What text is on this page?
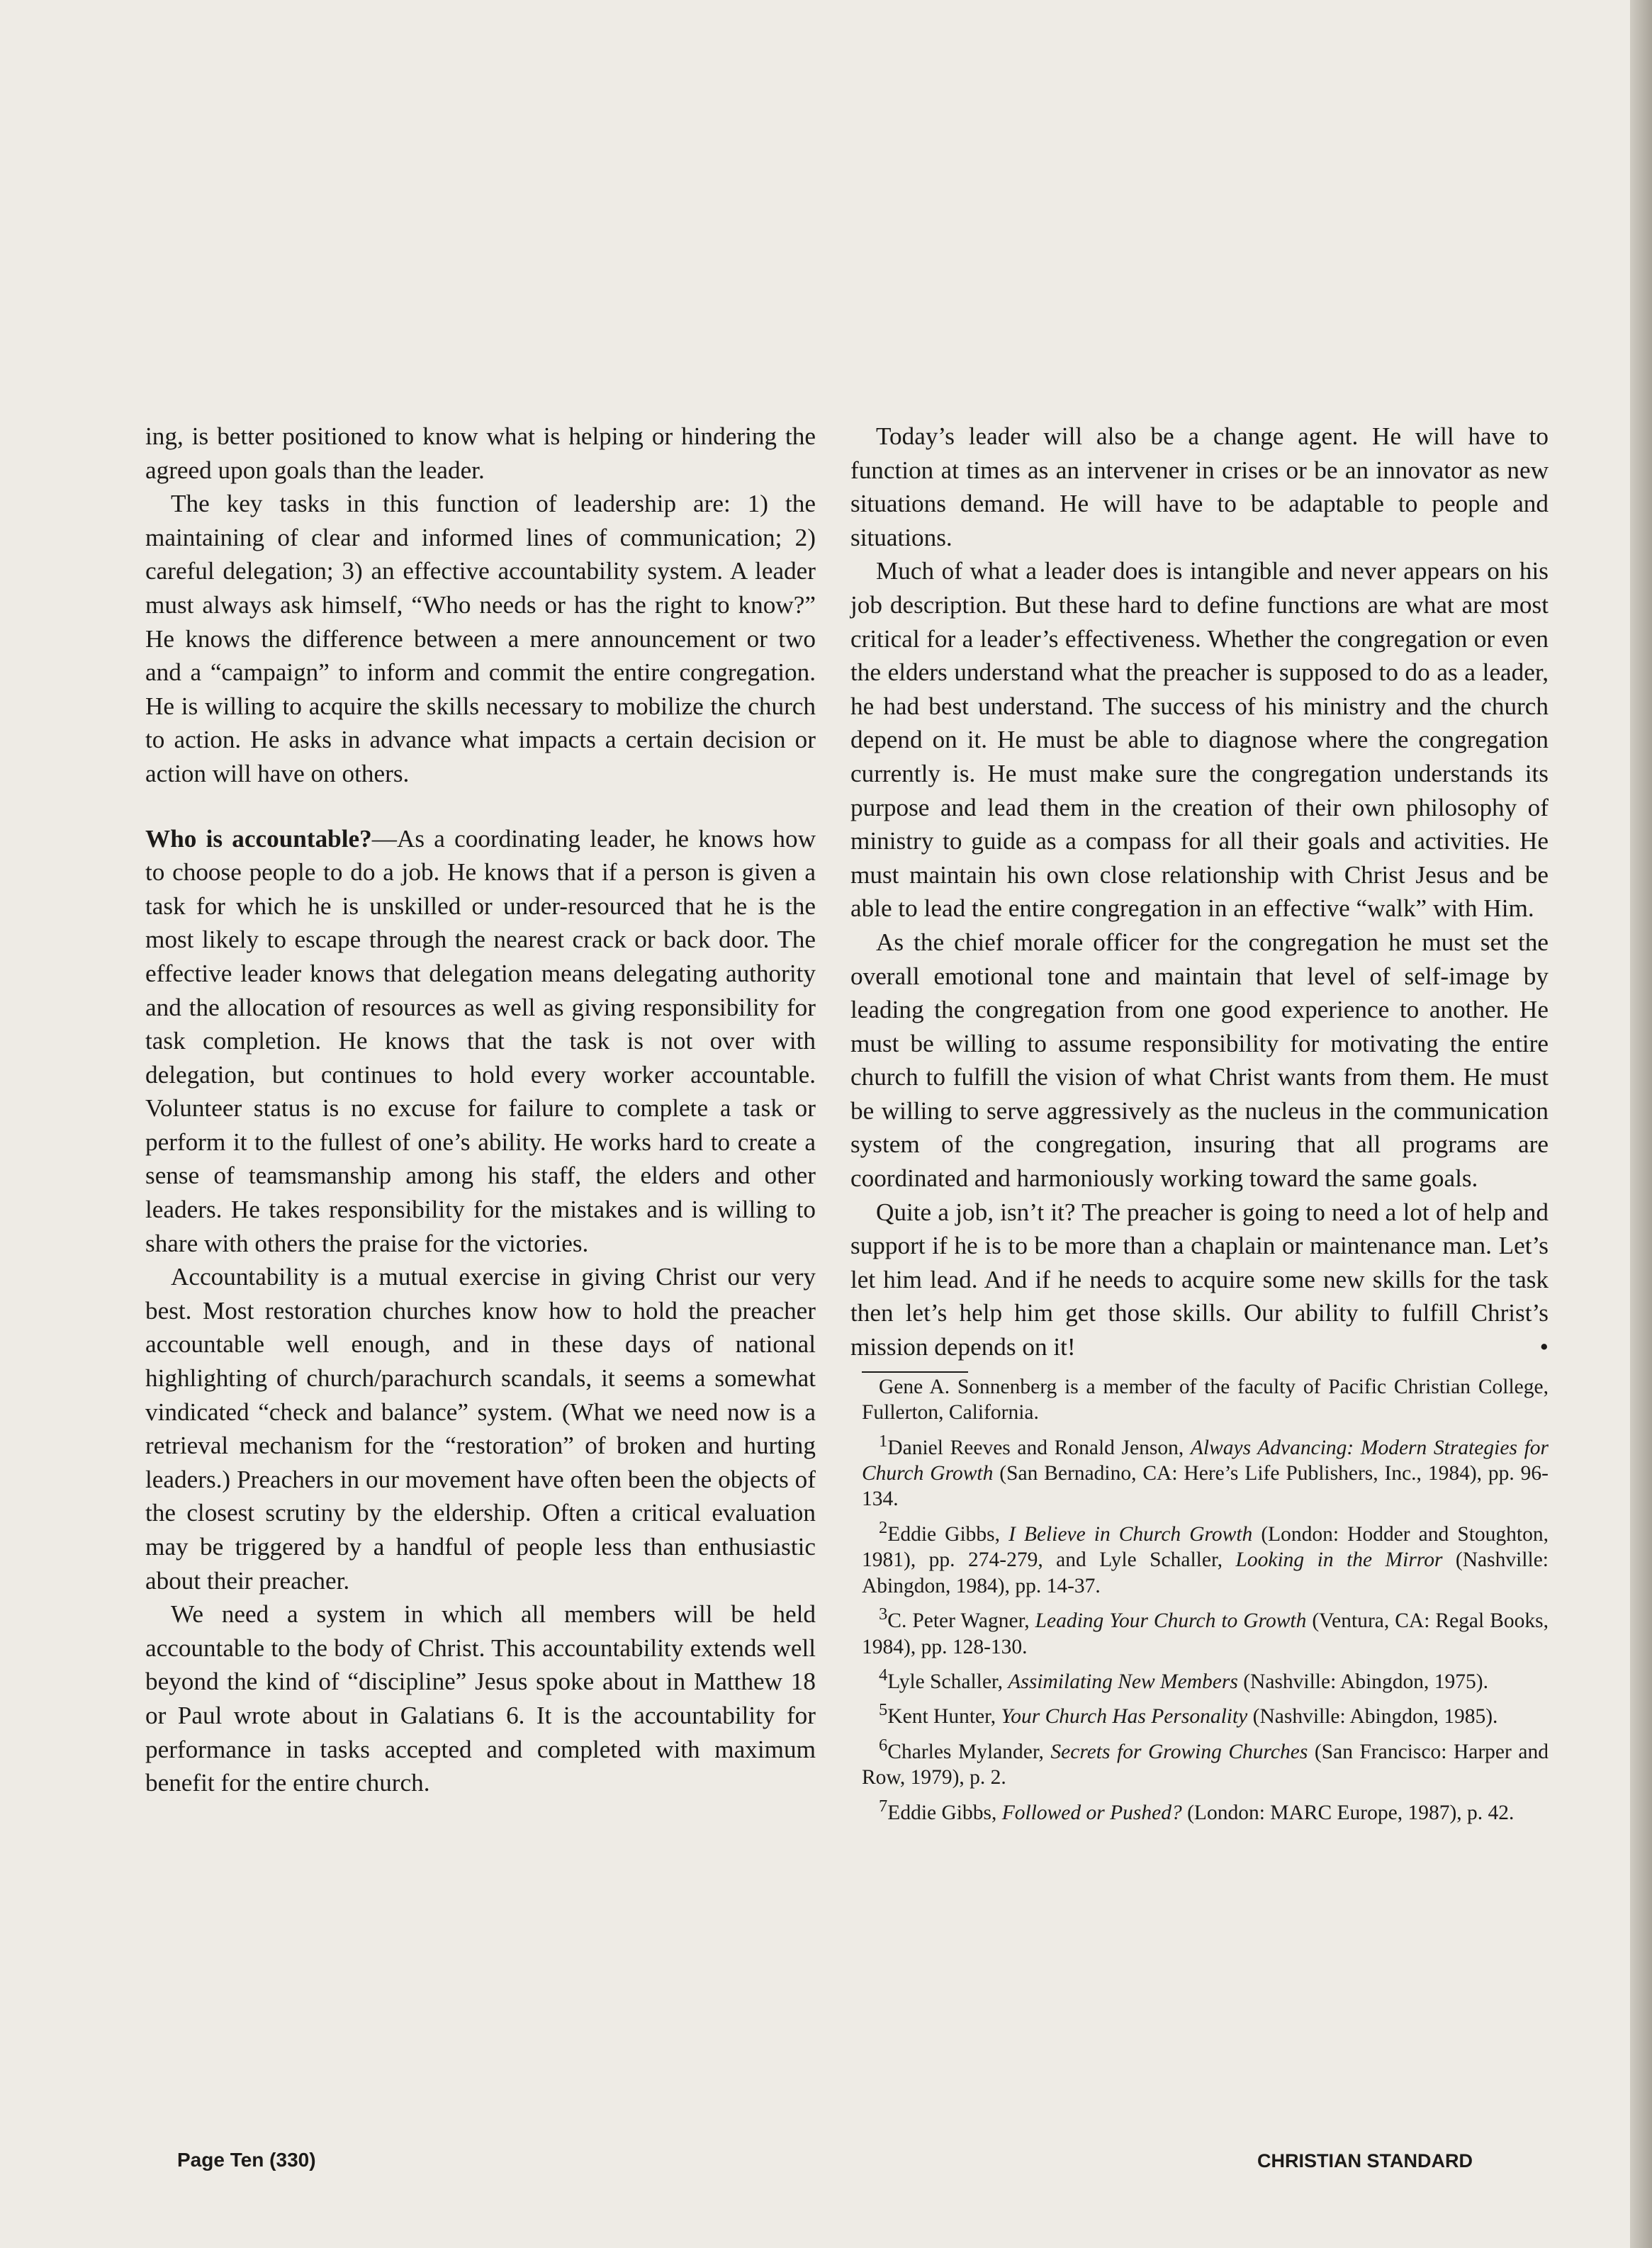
ing, is better positioned to know what is helping or hindering the agreed upon goals than the leader.

The key tasks in this function of leadership are: 1) the maintaining of clear and informed lines of communication; 2) careful delegation; 3) an effective accountability system. A leader must always ask himself, “Who needs or has the right to know?” He knows the difference between a mere announcement or two and a “campaign” to inform and commit the entire congregation. He is willing to acquire the skills necessary to mobilize the church to action. He asks in advance what impacts a certain decision or action will have on others.

Who is accountable?—As a coordinating leader, he knows how to choose people to do a job. He knows that if a person is given a task for which he is unskilled or under-resourced that he is the most likely to escape through the nearest crack or back door. The effective leader knows that delegation means delegating authority and the allocation of resources as well as giving responsibility for task completion. He knows that the task is not over with delegation, but continues to hold every worker accountable. Volunteer status is no excuse for failure to complete a task or perform it to the fullest of one’s ability. He works hard to create a sense of teamsmanship among his staff, the elders and other leaders. He takes responsibility for the mistakes and is willing to share with others the praise for the victories.

Accountability is a mutual exercise in giving Christ our very best. Most restoration churches know how to hold the preacher accountable well enough, and in these days of national highlighting of church/parachurch scandals, it seems a somewhat vindicated “check and balance” system. (What we need now is a retrieval mechanism for the “restoration” of broken and hurting leaders.) Preachers in our movement have often been the objects of the closest scrutiny by the eldership. Often a critical evaluation may be triggered by a handful of people less than enthusiastic about their preacher.

We need a system in which all members will be held accountable to the body of Christ. This accountability extends well beyond the kind of “discipline” Jesus spoke about in Matthew 18 or Paul wrote about in Galatians 6. It is the accountability for performance in tasks accepted and completed with maximum benefit for the entire church.

Today’s leader will also be a change agent. He will have to function at times as an intervener in crises or be an innovator as new situations demand. He will have to be adaptable to people and situations.

Much of what a leader does is intangible and never appears on his job description. But these hard to define functions are what are most critical for a leader’s effectiveness. Whether the congregation or even the elders understand what the preacher is supposed to do as a leader, he had best understand. The success of his ministry and the church depend on it. He must be able to diagnose where the congregation currently is. He must make sure the congregation understands its purpose and lead them in the creation of their own philosophy of ministry to guide as a compass for all their goals and activities. He must maintain his own close relationship with Christ Jesus and be able to lead the entire congregation in an effective “walk” with Him.

As the chief morale officer for the congregation he must set the overall emotional tone and maintain that level of self-image by leading the congregation from one good experience to another. He must be willing to assume responsibility for motivating the entire church to fulfill the vision of what Christ wants from them. He must be willing to serve aggressively as the nucleus in the communication system of the congregation, insuring that all programs are coordinated and harmoniously working toward the same goals.

Quite a job, isn’t it? The preacher is going to need a lot of help and support if he is to be more than a chaplain or maintenance man. Let’s let him lead. And if he needs to acquire some new skills for the task then let’s help him get those skills. Our ability to fulfill Christ’s mission depends on it!	•

Gene A. Sonnenberg is a member of the faculty of Pacific Christian College, Fullerton, California.

$^1$Daniel Reeves and Ronald Jenson, Always Advancing: Modern Strategies for Church Growth (San Bernadino, CA: Here’s Life Publishers, Inc., 1984), pp. 96-134.

$^2$Eddie Gibbs, I Believe in Church Growth (London: Hodder and Stoughton, 1981), pp. 274-279, and Lyle Schaller, Looking in the Mirror (Nashville: Abingdon, 1984), pp. 14-37.

$^3$C. Peter Wagner, Leading Your Church to Growth (Ventura, CA: Regal Books, 1984), pp. 128-130.

$^4$Lyle Schaller, Assimilating New Members (Nashville: Abingdon, 1975).

$^5$Kent Hunter, Your Church Has Personality (Nashville: Abingdon, 1985).

$^6$Charles Mylander, Secrets for Growing Churches (San Francisco: Harper and Row, 1979), p. 2.

$^7$Eddie Gibbs, Followed or Pushed? (London: MARC Europe, 1987), p. 42.

Page Ten (330)	CHRISTIAN STANDARD
